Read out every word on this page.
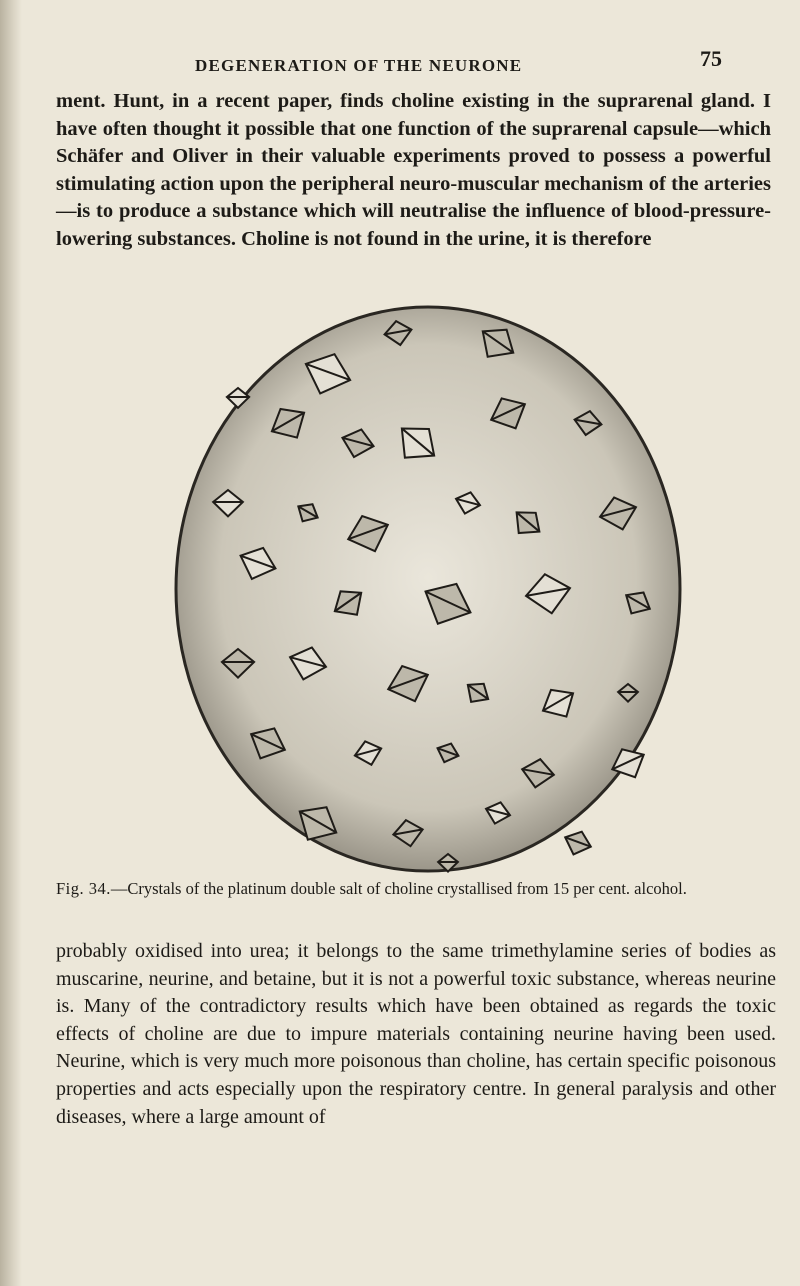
DEGENERATION OF THE NEURONE	75

ment. Hunt, in a recent paper, finds choline existing in the suprarenal gland. I have often thought it possible that one function of the suprarenal capsule—which Schäfer and Oliver in their valuable experiments proved to possess a powerful stimulating action upon the peripheral neuro-muscular mechanism of the arteries—is to produce a substance which will neutralise the influence of blood-pressure-lowering substances. Choline is not found in the urine, it is therefore

Fig. 34.—Crystals of the platinum double salt of choline crystallised from 15 per cent. alcohol.

probably oxidised into urea; it belongs to the same trimethylamine series of bodies as muscarine, neurine, and betaine, but it is not a powerful toxic substance, whereas neurine is. Many of the contradictory results which have been obtained as regards the toxic effects of choline are due to impure materials containing neurine having been used. Neurine, which is very much more poisonous than choline, has certain specific poisonous properties and acts especially upon the respiratory centre. In general paralysis and other diseases, where a large amount of
